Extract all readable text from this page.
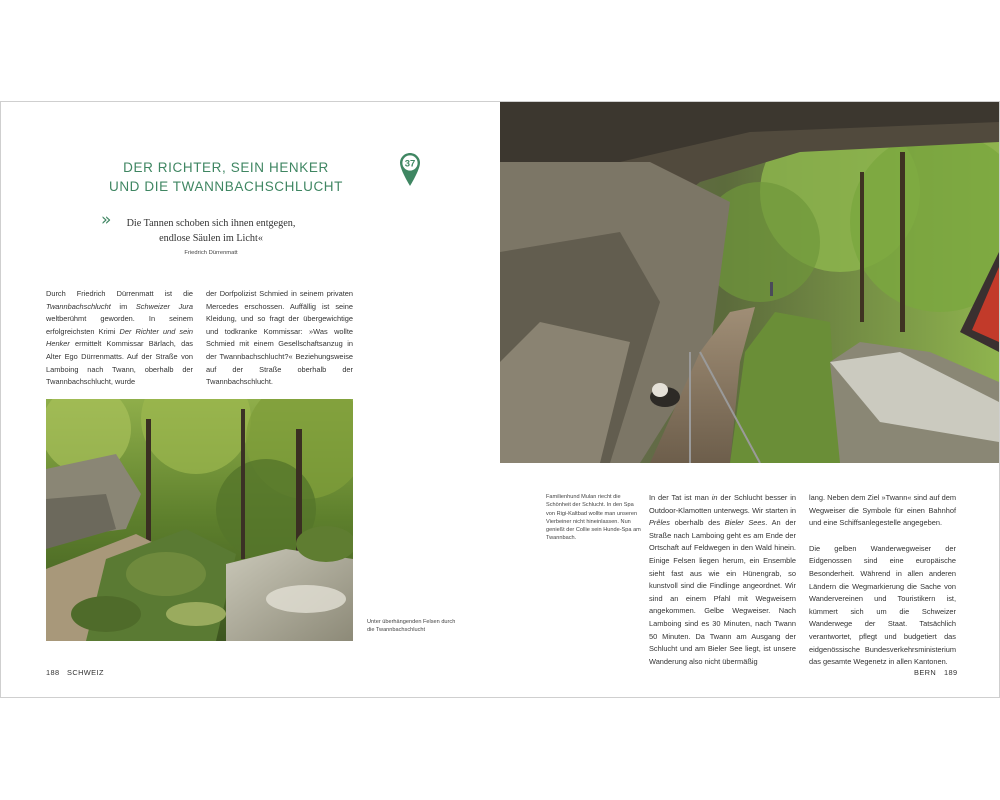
DER RICHTER, SEIN HENKER
UND DIE TWANNBACHSCHLUCHT
37
»	Die Tannen schoben sich ihnen entgegen,
endlose Säulen im Licht«
Friedrich Dürrenmatt

Durch Friedrich Dürrenmatt ist die Twannbachschlucht im Schweizer Jura weltberühmt geworden. In seinem erfolgreichsten Krimi Der Richter und sein Henker ermittelt Kommissar Bärlach, das Alter Ego Dürrenmatts. Auf der Straße von Lamboing nach Twann, oberhalb der Twannbachschlucht, wurde

der Dorfpolizist Schmied in seinem privaten Mercedes erschossen. Auffällig ist seine Kleidung, und so fragt der übergewichtige und todkranke Kommissar: »Was wollte Schmied mit einem Gesellschaftsanzug in der Twannbachschlucht?« Beziehungsweise auf der Straße oberhalb der Twannbachschlucht.

Unter überhängenden Felsen durch die Twannbachschlucht
Familienhund Mulan riecht die Schönheit der Schlucht. In den Spa von Rigi-Kaltbad wollte man unseren Vierbeiner nicht hineinlassen. Nun genießt der Collie sein Hunde-Spa am Twannbach.

In der Tat ist man in der Schlucht besser in Outdoor-Klamotten unterwegs. Wir starten in Prêles oberhalb des Bieler Sees. An der Straße nach Lamboing geht es am Ende der Ortschaft auf Feldwegen in den Wald hinein. Einige Felsen liegen herum, ein Ensemble sieht fast aus wie ein Hünengrab, so kunstvoll sind die Findlinge angeordnet. Wir sind an einem Pfahl mit Wegweisern angekommen. Gelbe Wegweiser. Nach Lamboing sind es 30 Minuten, nach Twann 50 Minuten. Da Twann am Ausgang der Schlucht und am Bieler See liegt, ist unsere Wanderung also nicht übermäßig

lang. Neben dem Ziel »Twann« sind auf dem Wegweiser die Symbole für einen Bahnhof und eine Schiffsanlegestelle angegeben.

Die gelben Wanderwegweiser der Eidgenossen sind eine europäische Besonderheit. Während in allen anderen Ländern die Wegmarkierung die Sache von Wandervereinen und Touristikern ist, kümmert sich um die Schweizer Wanderwege der Staat. Tatsächlich verantwortet, pflegt und budgetiert das eidgenössische Bundesverkehrsministerium das gesamte Wegenetz in allen Kantonen.

188 SCHWEIZ	BERN 189
